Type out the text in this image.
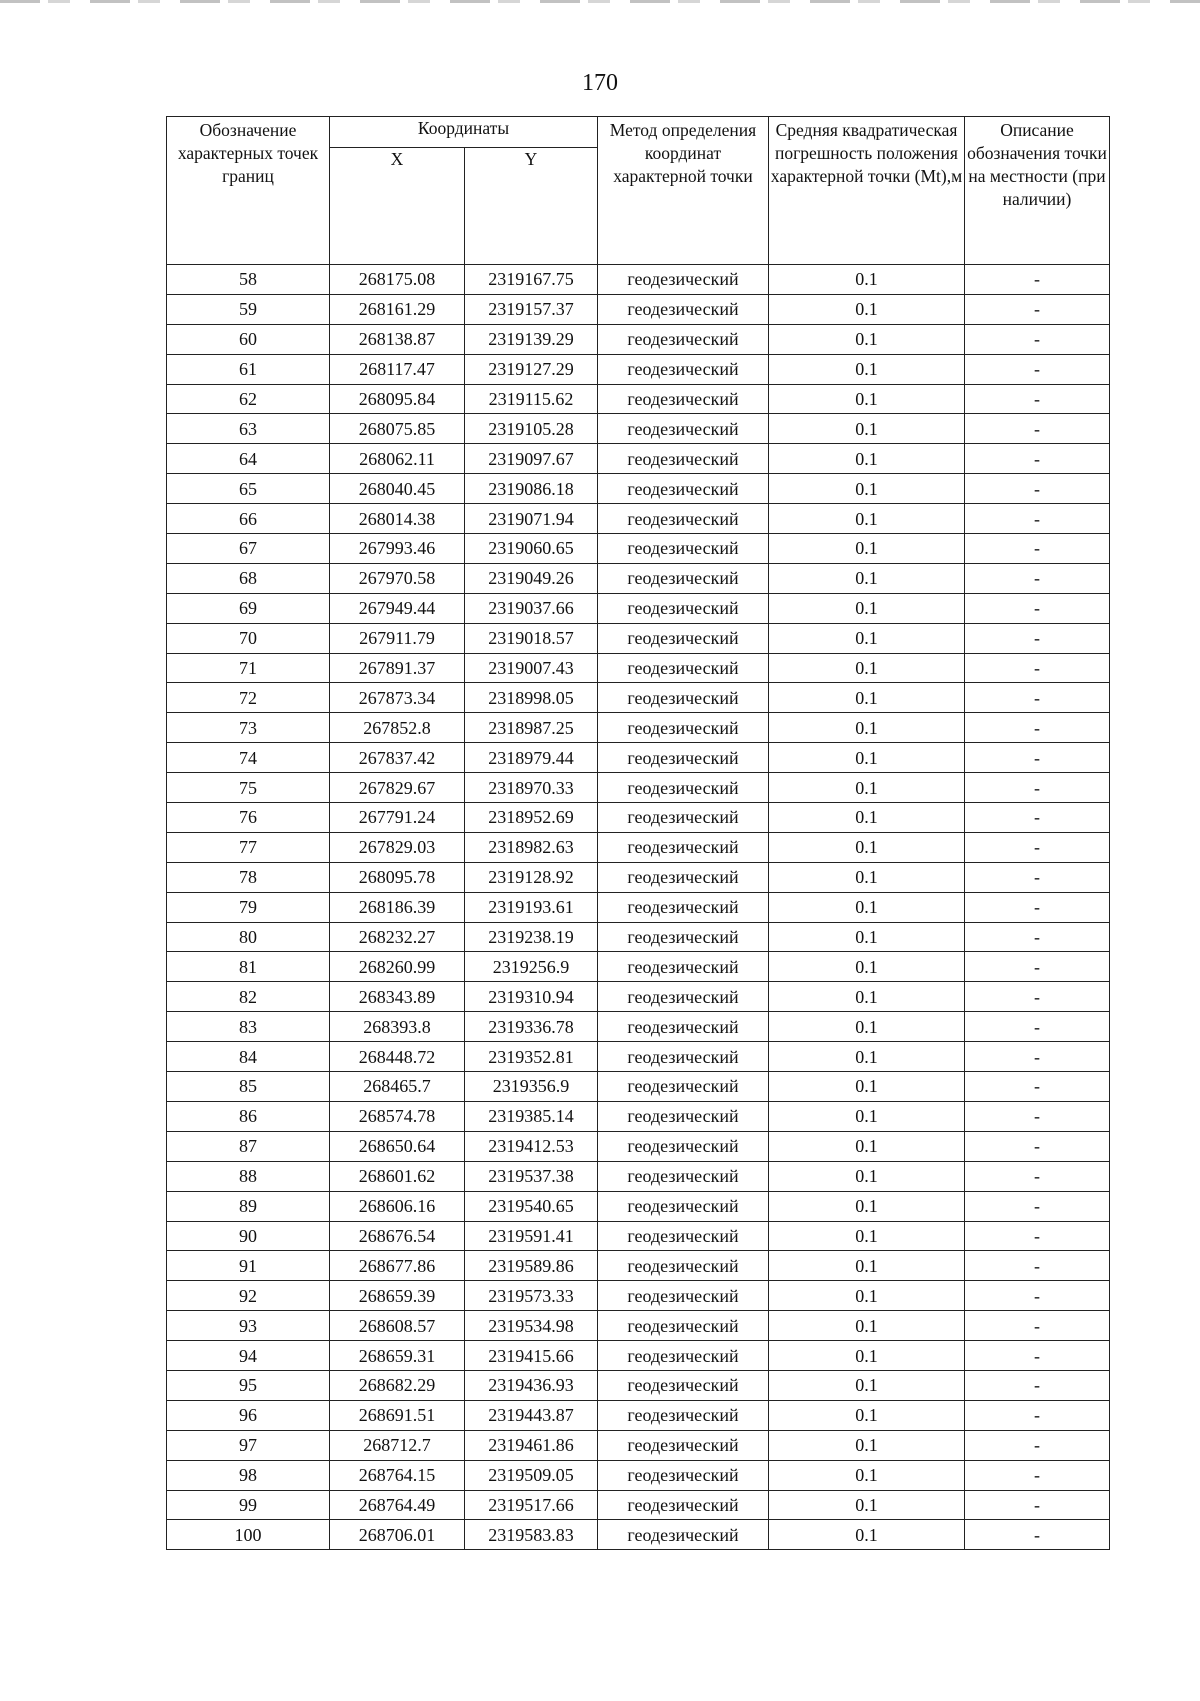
170
Обозначение характерных точек границ	Координаты		Метод определения координат характерной точки	Средняя квадратическая погрешность положения характерной точки (Mt),м	Описание обозначения точки на местности (при наличии)
	X	Y			
58	268175.08	2319167.75	геодезический	0.1	-
59	268161.29	2319157.37	геодезический	0.1	-
60	268138.87	2319139.29	геодезический	0.1	-
61	268117.47	2319127.29	геодезический	0.1	-
62	268095.84	2319115.62	геодезический	0.1	-
63	268075.85	2319105.28	геодезический	0.1	-
64	268062.11	2319097.67	геодезический	0.1	-
65	268040.45	2319086.18	геодезический	0.1	-
66	268014.38	2319071.94	геодезический	0.1	-
67	267993.46	2319060.65	геодезический	0.1	-
68	267970.58	2319049.26	геодезический	0.1	-
69	267949.44	2319037.66	геодезический	0.1	-
70	267911.79	2319018.57	геодезический	0.1	-
71	267891.37	2319007.43	геодезический	0.1	-
72	267873.34	2318998.05	геодезический	0.1	-
73	267852.8	2318987.25	геодезический	0.1	-
74	267837.42	2318979.44	геодезический	0.1	-
75	267829.67	2318970.33	геодезический	0.1	-
76	267791.24	2318952.69	геодезический	0.1	-
77	267829.03	2318982.63	геодезический	0.1	-
78	268095.78	2319128.92	геодезический	0.1	-
79	268186.39	2319193.61	геодезический	0.1	-
80	268232.27	2319238.19	геодезический	0.1	-
81	268260.99	2319256.9	геодезический	0.1	-
82	268343.89	2319310.94	геодезический	0.1	-
83	268393.8	2319336.78	геодезический	0.1	-
84	268448.72	2319352.81	геодезический	0.1	-
85	268465.7	2319356.9	геодезический	0.1	-
86	268574.78	2319385.14	геодезический	0.1	-
87	268650.64	2319412.53	геодезический	0.1	-
88	268601.62	2319537.38	геодезический	0.1	-
89	268606.16	2319540.65	геодезический	0.1	-
90	268676.54	2319591.41	геодезический	0.1	-
91	268677.86	2319589.86	геодезический	0.1	-
92	268659.39	2319573.33	геодезический	0.1	-
93	268608.57	2319534.98	геодезический	0.1	-
94	268659.31	2319415.66	геодезический	0.1	-
95	268682.29	2319436.93	геодезический	0.1	-
96	268691.51	2319443.87	геодезический	0.1	-
97	268712.7	2319461.86	геодезический	0.1	-
98	268764.15	2319509.05	геодезический	0.1	-
99	268764.49	2319517.66	геодезический	0.1	-
100	268706.01	2319583.83	геодезический	0.1	-
